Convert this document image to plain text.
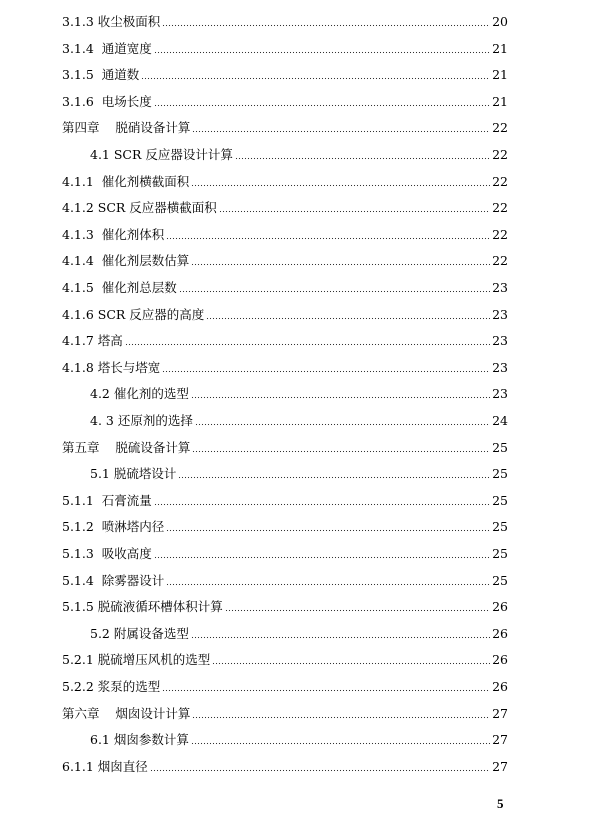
3.1.3 收尘极面积	20
3.1.4  通道宽度	21
3.1.5  通道数	21
3.1.6  电场长度	21
第四章    脱硝设备计算	22
4.1 SCR 反应器设计计算	22
4.1.1  催化剂横截面积	22
4.1.2 SCR 反应器横截面积	22
4.1.3  催化剂体积	22
4.1.4  催化剂层数估算	22
4.1.5  催化剂总层数	23
4.1.6 SCR 反应器的高度	23
4.1.7 塔高	23
4.1.8 塔长与塔宽	23
4.2 催化剂的选型	23
4. 3 还原剂的选择	24
第五章    脱硫设备计算	25
5.1 脱硫塔设计	25
5.1.1  石膏流量	25
5.1.2  喷淋塔内径	25
5.1.3  吸收高度	25
5.1.4  除雾器设计	25
5.1.5 脱硫液循环槽体积计算	26
5.2 附属设备选型	26
5.2.1 脱硫增压风机的选型	26
5.2.2 浆泵的选型	26
第六章    烟囱设计计算	27
6.1 烟囱参数计算	27
6.1.1 烟囱直径	27
5
